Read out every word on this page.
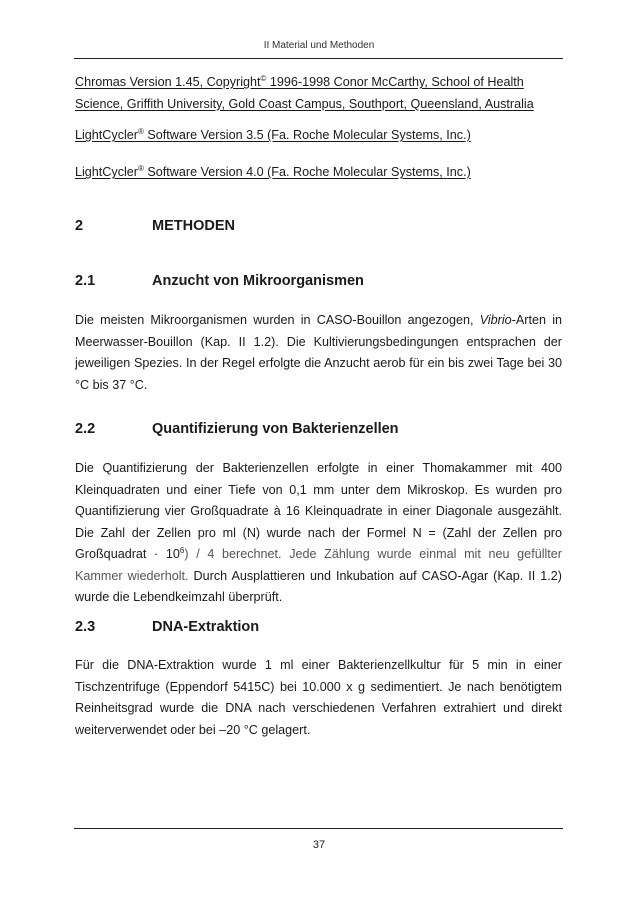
II Material und Methoden
Chromas Version 1.45, Copyright© 1996-1998 Conor McCarthy, School of Health
Science, Griffith University, Gold Coast Campus, Southport, Queensland, Australia
LightCycler® Software Version 3.5 (Fa. Roche Molecular Systems, Inc.)
LightCycler® Software Version 4.0 (Fa. Roche Molecular Systems, Inc.)
2	METHODEN
2.1	Anzucht von Mikroorganismen
Die meisten Mikroorganismen wurden in CASO-Bouillon angezogen, Vibrio-Arten in Meerwasser-Bouillon (Kap. II 1.2). Die Kultivierungsbedingungen entsprachen der jeweiligen Spezies. In der Regel erfolgte die Anzucht aerob für ein bis zwei Tage bei 30 °C bis 37 °C.
2.2	Quantifizierung von Bakterienzellen
Die Quantifizierung der Bakterienzellen erfolgte in einer Thomakammer mit 400 Kleinquadraten und einer Tiefe von 0,1 mm unter dem Mikroskop. Es wurden pro Quantifizierung vier Großquadrate à 16 Kleinquadrate in einer Diagonale ausgezählt. Die Zahl der Zellen pro ml (N) wurde nach der Formel N = (Zahl der Zellen pro Großquadrat · $10^6) / 4$ berechnet. Jede Zählung wurde einmal mit neu gefüllter Kammer wiederholt. Durch Ausplattieren und Inkubation auf CASO-Agar (Kap. II 1.2) wurde die Lebendkeimzahl überprüft.
2.3	DNA-Extraktion
Für die DNA-Extraktion wurde 1 ml einer Bakterienzellkultur für 5 min in einer Tischzentrifuge (Eppendorf 5415C) bei 10.000 x g sedimentiert. Je nach benötigtem Reinheitsgrad wurde die DNA nach verschiedenen Verfahren extrahiert und direkt weiterverwendet oder bei –20 °C gelagert.
37
